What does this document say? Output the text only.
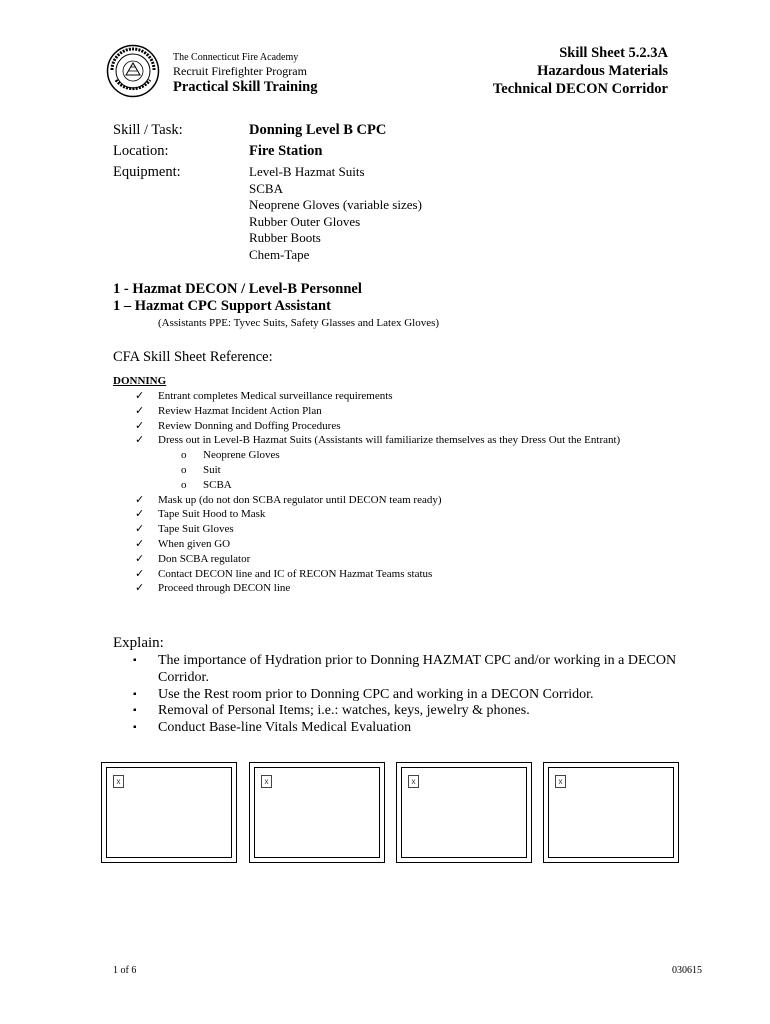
The Connecticut Fire Academy
Recruit Firefighter Program
Practical Skill Training
Skill Sheet 5.2.3A
Hazardous Materials
Technical DECON Corridor
Skill / Task:	Donning Level B CPC
Location:	Fire Station
Equipment:	Level-B Hazmat Suits
SCBA
Neoprene Gloves (variable sizes)
Rubber Outer Gloves
Rubber Boots
Chem-Tape
1 - Hazmat DECON / Level-B Personnel
1 – Hazmat CPC Support Assistant
(Assistants PPE: Tyvec Suits, Safety Glasses and Latex Gloves)
CFA Skill Sheet Reference:
DONNING
✓ Entrant completes Medical surveillance requirements
✓ Review Hazmat Incident Action Plan
✓ Review Donning and Doffing Procedures
✓ Dress out in Level-B Hazmat Suits (Assistants will familiarize themselves as they Dress Out the Entrant)
o Neoprene Gloves
o Suit
o SCBA
✓ Mask up (do not don SCBA regulator until DECON team ready)
✓ Tape Suit Hood to Mask
✓ Tape Suit Gloves
✓ When given GO
✓ Don SCBA regulator
✓ Contact DECON line and IC of RECON Hazmat Teams status
✓ Proceed through DECON line
Explain:
▪ The importance of Hydration prior to Donning HAZMAT CPC and/or working in a DECON Corridor.
▪ Use the Rest room prior to Donning CPC and working in a DECON Corridor.
▪ Removal of Personal Items; i.e.: watches, keys, jewelry & phones.
▪ Conduct Base-line Vitals Medical Evaluation
x	x	x	x
1 of 6	030615
